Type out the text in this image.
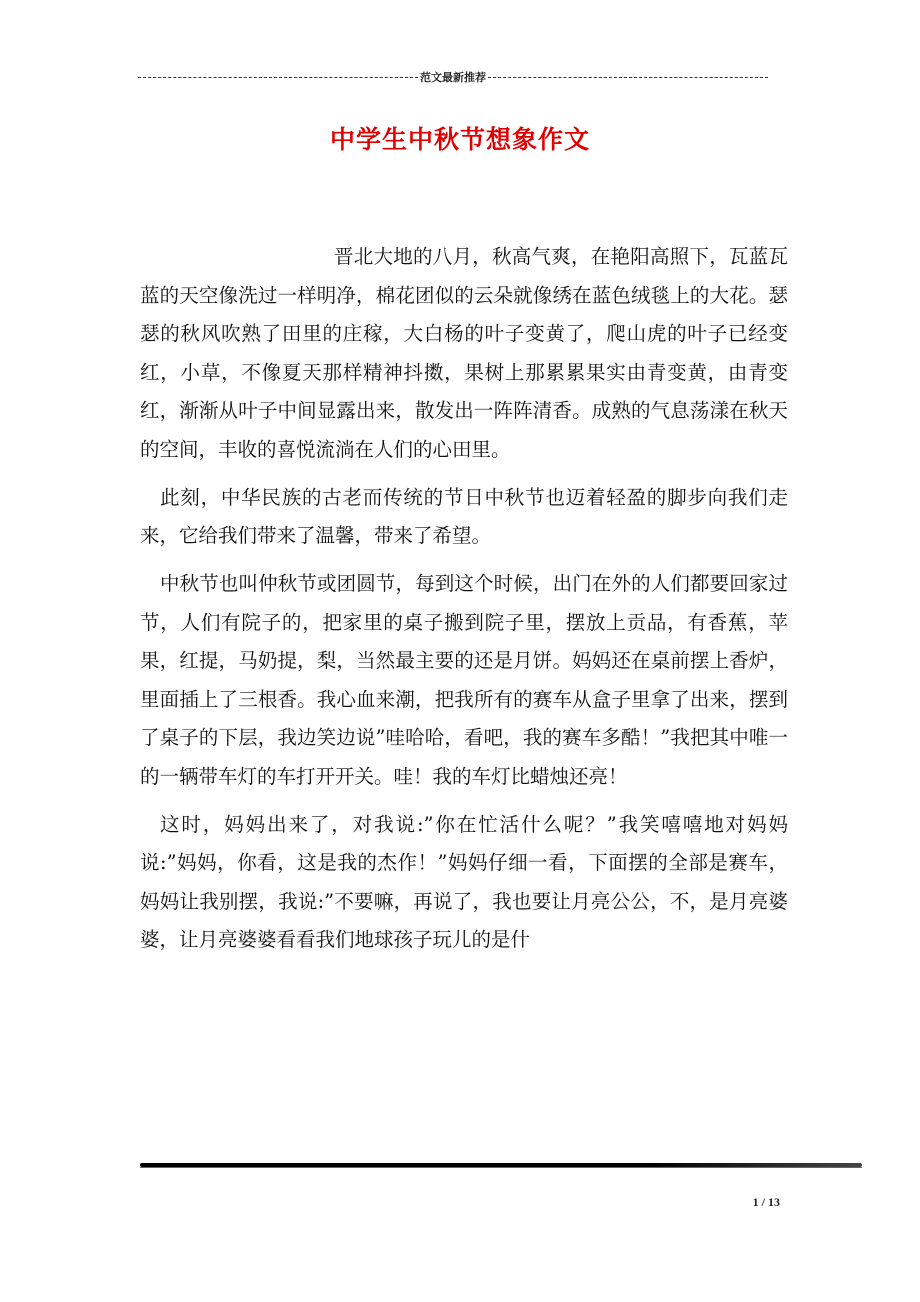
范文最新推荐
中学生中秋节想象作文

晋北大地的八月，秋高气爽，在艳阳高照下，瓦蓝瓦蓝的天空像洗过一样明净，棉花团似的云朵就像绣在蓝色绒毯上的大花。瑟瑟的秋风吹熟了田里的庄稼，大白杨的叶子变黄了，爬山虎的叶子已经变红，小草，不像夏天那样精神抖擞，果树上那累累果实由青变黄，由青变红，渐渐从叶子中间显露出来，散发出一阵阵清香。成熟的气息荡漾在秋天的空间，丰收的喜悦流淌在人们的心田里。

此刻，中华民族的古老而传统的节日中秋节也迈着轻盈的脚步向我们走来，它给我们带来了温馨，带来了希望。

中秋节也叫仲秋节或团圆节，每到这个时候，出门在外的人们都要回家过节，人们有院子的，把家里的桌子搬到院子里，摆放上贡品，有香蕉，苹果，红提，马奶提，梨，当然最主要的还是月饼。妈妈还在桌前摆上香炉，里面插上了三根香。我心血来潮，把我所有的赛车从盒子里拿了出来，摆到了桌子的下层，我边笑边说”哇哈哈，看吧，我的赛车多酷！”我把其中唯一的一辆带车灯的车打开开关。哇！我的车灯比蜡烛还亮！

这时，妈妈出来了，对我说:”你在忙活什么呢？”我笑嘻嘻地对妈妈说:”妈妈，你看，这是我的杰作！”妈妈仔细一看，下面摆的全部是赛车，妈妈让我别摆，我说:”不要嘛，再说了，我也要让月亮公公，不，是月亮婆婆，让月亮婆婆看看我们地球孩子玩儿的是什

1 / 13
